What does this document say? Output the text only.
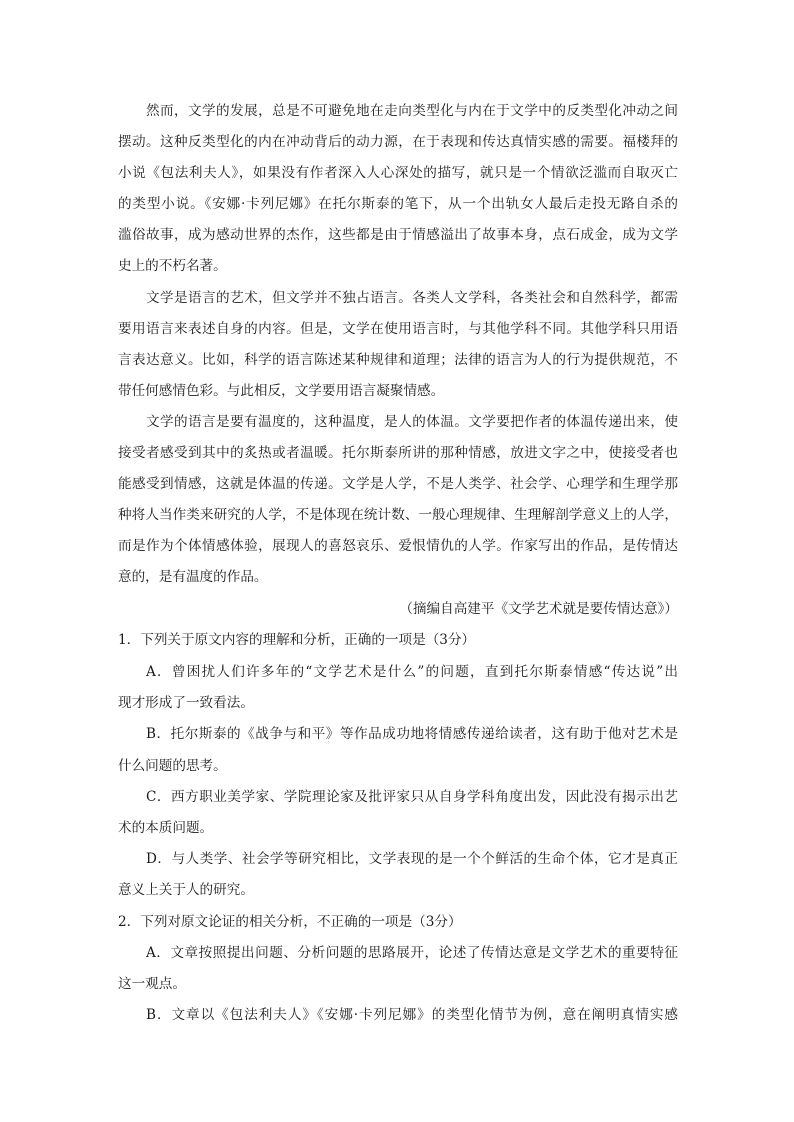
然而，文学的发展，总是不可避免地在走向类型化与内在于文学中的反类型化冲动之间
摆动。这种反类型化的内在冲动背后的动力源，在于表现和传达真情实感的需要。福楼拜的
小说《包法利夫人》，如果没有作者深入人心深处的描写，就只是一个情欲泛滥而自取灭亡
的类型小说。《安娜·卡列尼娜》在托尔斯泰的笔下，从一个出轨女人最后走投无路自杀的
滥俗故事，成为感动世界的杰作，这些都是由于情感溢出了故事本身，点石成金，成为文学
史上的不朽名著。
文学是语言的艺术，但文学并不独占语言。各类人文学科，各类社会和自然科学，都需
要用语言来表述自身的内容。但是，文学在使用语言时，与其他学科不同。其他学科只用语
言表达意义。比如，科学的语言陈述某种规律和道理；法律的语言为人的行为提供规范，不
带任何感情色彩。与此相反，文学要用语言凝聚情感。
文学的语言是要有温度的，这种温度，是人的体温。文学要把作者的体温传递出来，使
接受者感受到其中的炙热或者温暖。托尔斯泰所讲的那种情感，放进文字之中，使接受者也
能感受到情感，这就是体温的传递。文学是人学，不是人类学、社会学、心理学和生理学那
种将人当作类来研究的人学，不是体现在统计数、一般心理规律、生理解剖学意义上的人学，
而是作为个体情感体验，展现人的喜怒哀乐、爱恨情仇的人学。作家写出的作品，是传情达
意的，是有温度的作品。
（摘编自高建平《文学艺术就是要传情达意》）
1．下列关于原文内容的理解和分析，正确的一项是（3分）
A．曾困扰人们许多年的“文学艺术是什么”的问题，直到托尔斯泰情感“传达说”出
现才形成了一致看法。
B．托尔斯泰的《战争与和平》等作品成功地将情感传递给读者，这有助于他对艺术是
什么问题的思考。
C．西方职业美学家、学院理论家及批评家只从自身学科角度出发，因此没有揭示出艺
术的本质问题。
D．与人类学、社会学等研究相比，文学表现的是一个个鲜活的生命个体，它才是真正
意义上关于人的研究。
2．下列对原文论证的相关分析，不正确的一项是（3分）
A．文章按照提出问题、分析问题的思路展开，论述了传情达意是文学艺术的重要特征
这一观点。
B．文章以《包法利夫人》《安娜·卡列尼娜》的类型化情节为例，意在阐明真情实感
